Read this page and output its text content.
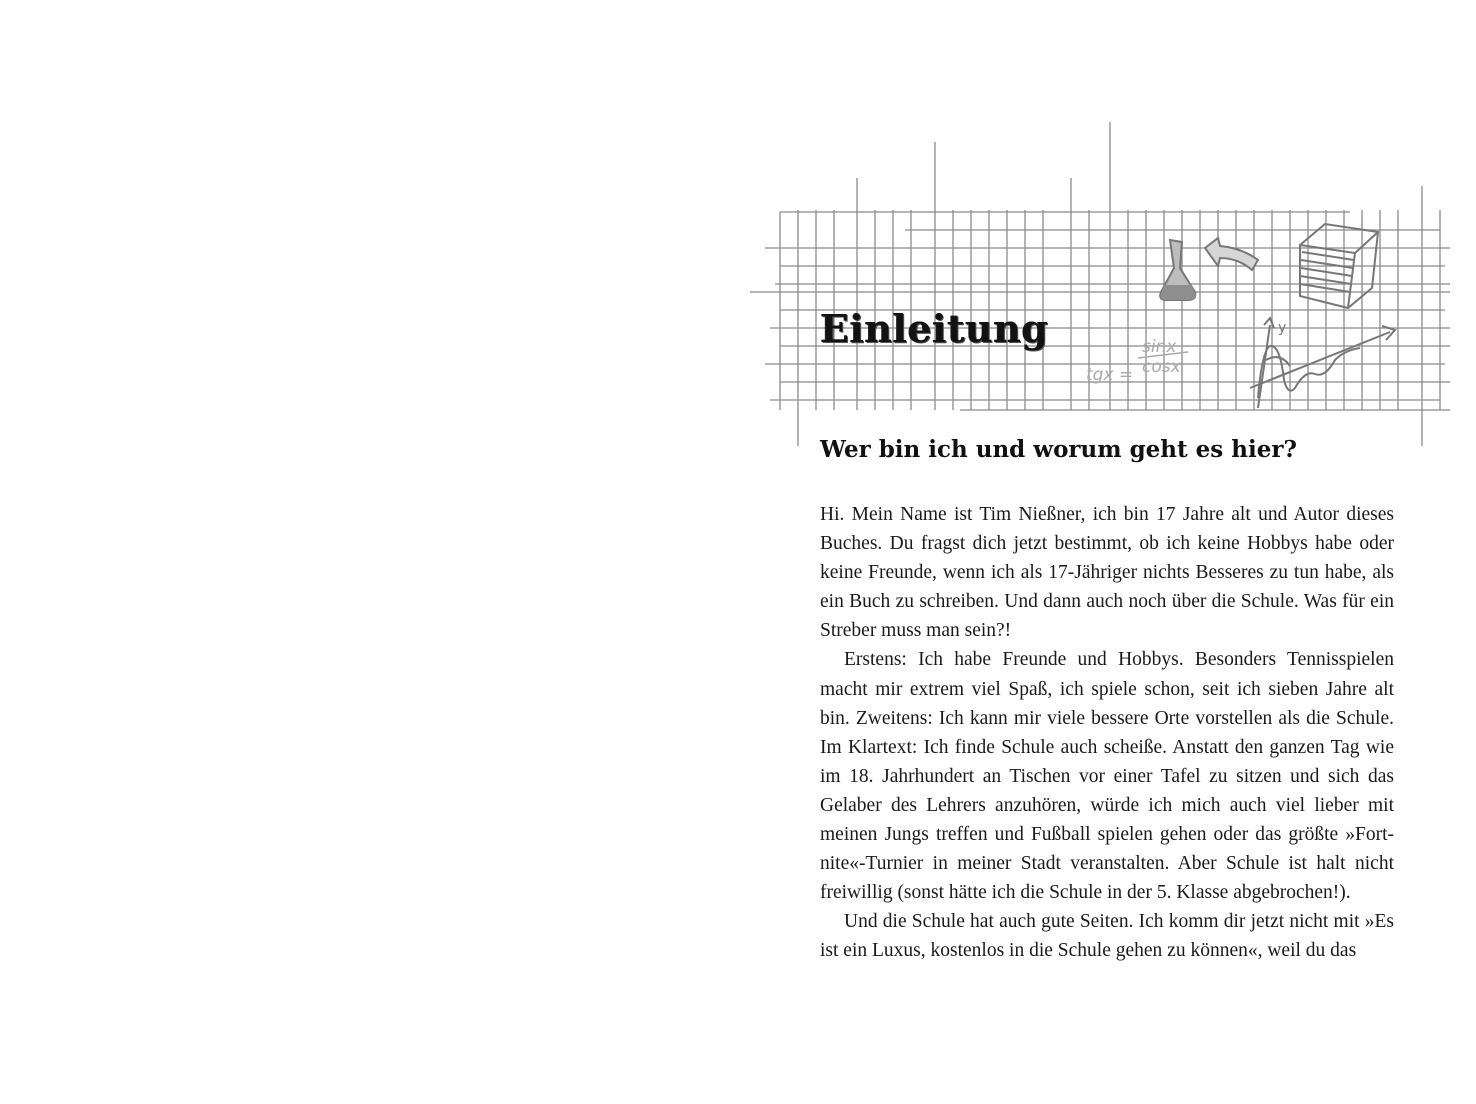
tgx =
sinx
cosx
y
Einleitung
Wer bin ich und worum geht es hier?

Hi. Mein Name ist Tim Nießner, ich bin 17 Jahre alt und Autor dieses Buches. Du fragst dich jetzt bestimmt, ob ich keine Hobbys habe oder keine Freunde, wenn ich als 17-Jähriger nichts Besseres zu tun habe, als ein Buch zu schreiben. Und dann auch noch über die Schule. Was für ein Streber muss man sein?!

Erstens: Ich habe Freunde und Hobbys. Besonders Tennisspielen macht mir extrem viel Spaß, ich spiele schon, seit ich sieben Jahre alt bin. Zweitens: Ich kann mir viele bessere Orte vorstellen als die Schule. Im Klartext: Ich finde Schule auch scheiße. Anstatt den ganzen Tag wie im 18. Jahrhundert an Tischen vor einer Tafel zu sitzen und sich das Gelaber des Lehrers anzuhören, würde ich mich auch viel lieber mit meinen Jungs treffen und Fußball spielen gehen oder das größte »Fortnite«-Turnier in meiner Stadt veranstalten. Aber Schule ist halt nicht freiwillig (sonst hätte ich die Schule in der 5. Klasse abgebrochen!).

Und die Schule hat auch gute Seiten. Ich komm dir jetzt nicht mit »Es ist ein Luxus, kostenlos in die Schule gehen zu können«, weil du das
